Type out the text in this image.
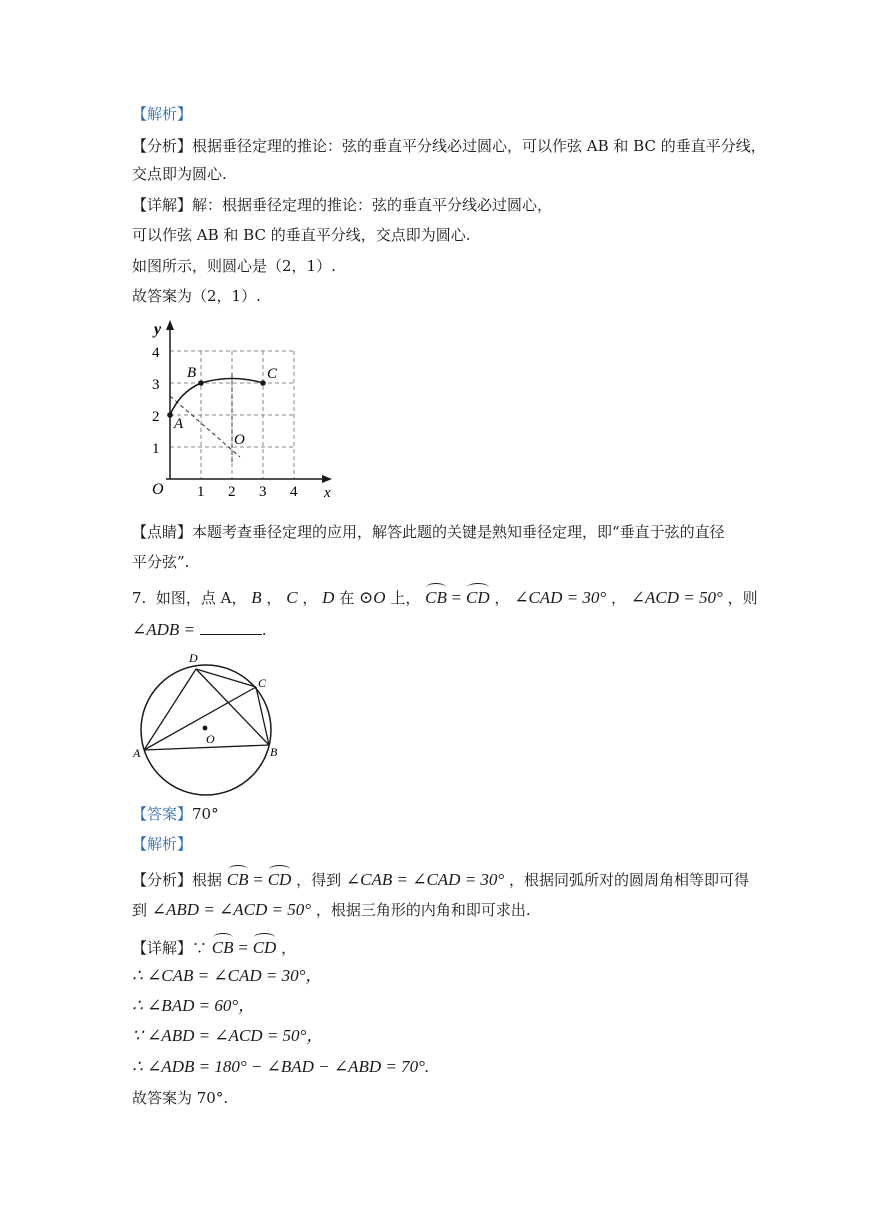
【解析】
【分析】根据垂径定理的推论：弦的垂直平分线必过圆心，可以作弦 AB 和 BC 的垂直平分线，
交点即为圆心.
【详解】解：根据垂径定理的推论：弦的垂直平分线必过圆心，
可以作弦 AB 和 BC 的垂直平分线，交点即为圆心.
如图所示，则圆心是（2，1）.
故答案为（2，1）.
y
x
O 1 2 3 4
1
2
3
4
A
B	C
O
【点睛】本题考查垂径定理的应用，解答此题的关键是熟知垂径定理，即“垂直于弦的直径
平分弦”.
7. 如图，点 A， B ， C ， D 在 ⊙O 上， CB = CD ， ∠CAD = 30° ， ∠ACD = 50° ，则
∠ADB =	.
A	B
C
D
O
【答案】70°
【解析】
【分析】根据 CB = CD ，得到 ∠CAB = ∠CAD = 30° ，根据同弧所对的圆周角相等即可得
到 ∠ABD = ∠ACD = 50° ，根据三角形的内角和即可求出.
【详解】∵ CB = CD ，
∴ ∠CAB = ∠CAD = 30°，
∴ ∠BAD = 60°，
∵ ∠ABD = ∠ACD = 50°，
∴ ∠ADB = 180° − ∠BAD − ∠ABD = 70°.
故答案为 70°.
